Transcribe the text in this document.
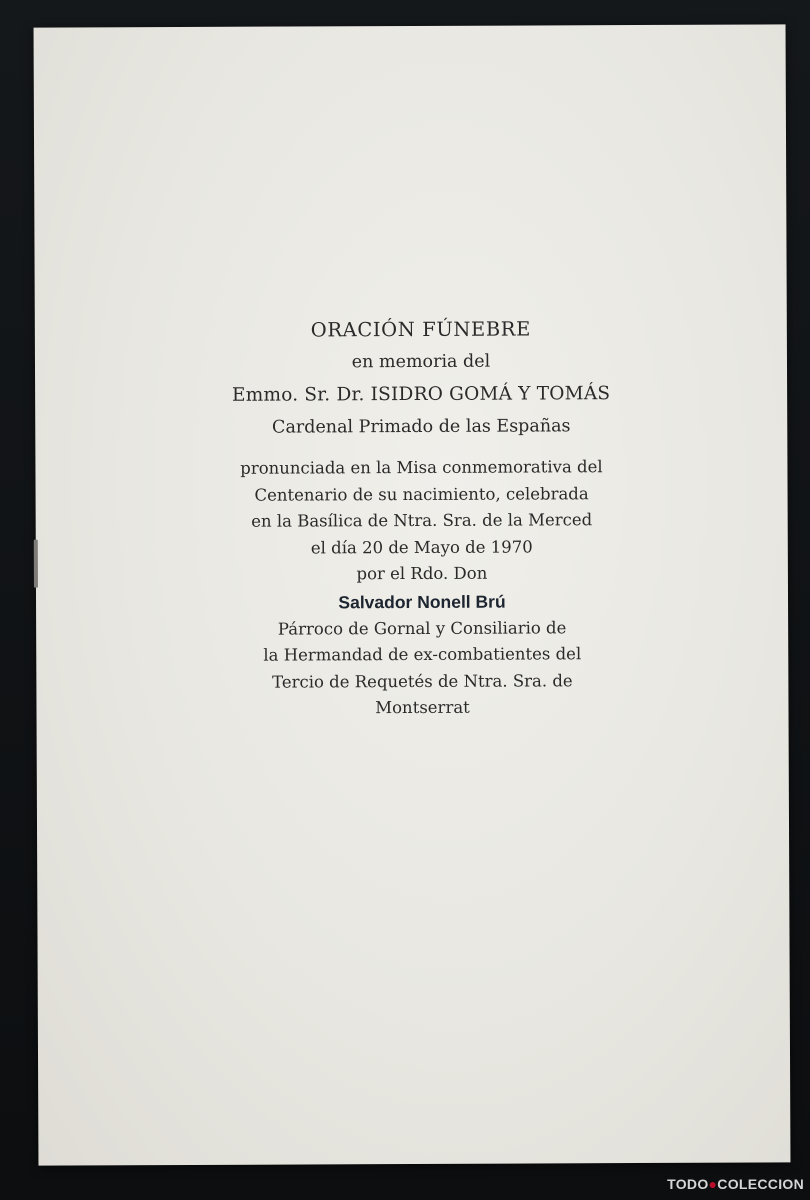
ORACIÓN FÚNEBRE
en memoria del
Emmo. Sr. Dr. ISIDRO GOMÁ Y TOMÁS
Cardenal Primado de las Españas
pronunciada en la Misa conmemorativa del
Centenario de su nacimiento, celebrada
en la Basílica de Ntra. Sra. de la Merced
el día 20 de Mayo de 1970
por el Rdo. Don
Salvador Nonell Brú
Párroco de Gornal y Consiliario de
la Hermandad de ex-combatientes del
Tercio de Requetés de Ntra. Sra. de
Montserrat
TODO●COLECCION
